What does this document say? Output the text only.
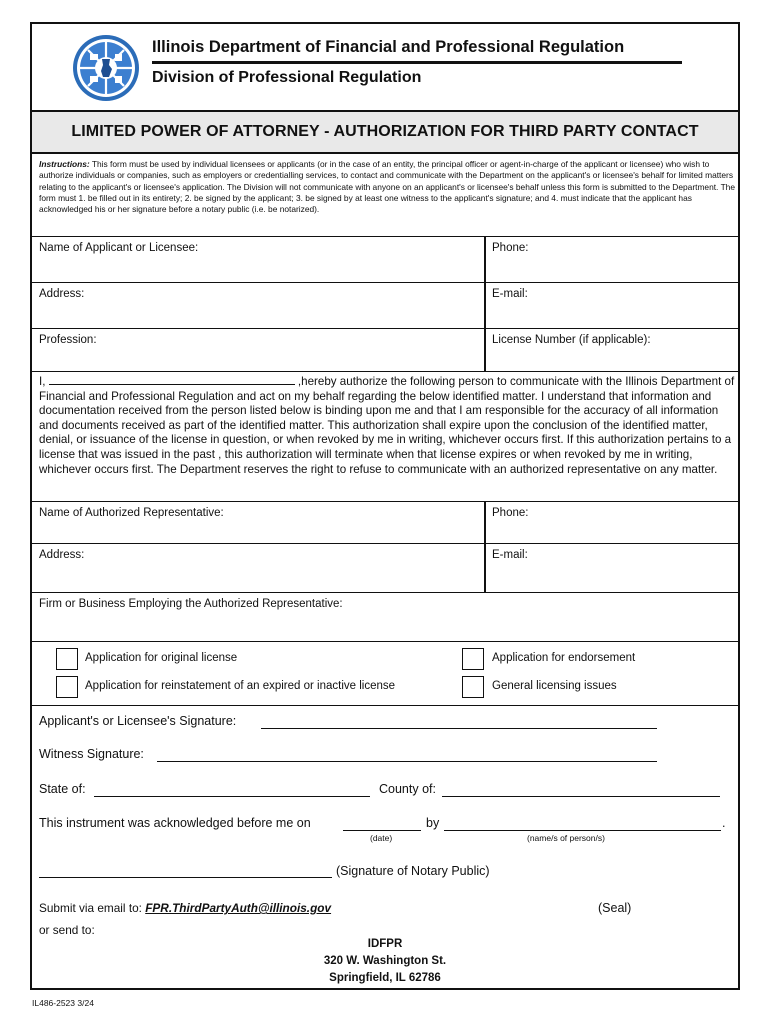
Illinois Department of Financial and Professional Regulation
Division of Professional Regulation
LIMITED POWER OF ATTORNEY - AUTHORIZATION FOR THIRD PARTY CONTACT
Instructions: This form must be used by individual licensees or applicants (or in the case of an entity, the principal officer or agent-in-charge of the applicant or licensee) who wish to authorize individuals or companies, such as employers or credentialling services, to contact and communicate with the Department on the applicant's or licensee's behalf for limited matters relating to the applicant's or licensee's application. The Division will not communicate with anyone on an applicant's or licensee's behalf unless this form is submitted to the Department. The form must 1. be filled out in its entirety; 2. be signed by the applicant; 3. be signed by at least one witness to the applicant's signature; and 4. must indicate that the applicant has acknowledged his or her signature before a notary public (i.e. be notarized).
Name of Applicant or Licensee:	Phone:
Address:	E-mail:
Profession:	License Number (if applicable):
I,	,hereby authorize the following person to communicate with the Illinois Department of Financial and Professional Regulation and act on my behalf regarding the below identified matter. I understand that information and documentation received from the person listed below is binding upon me and that I am responsible for the accuracy of all information and documents received as part of the identified matter. This authorization shall expire upon the conclusion of the identified matter, denial, or issuance of the license in question, or when revoked by me in writing, whichever occurs first. If this authorization pertains to a license that was issued in the past , this authorization will terminate when that license expires or when revoked by me in writing, whichever occurs first. The Department reserves the right to refuse to communicate with an authorized representative on any matter.
Name of Authorized Representative:	Phone:
Address:	E-mail:
Firm or Business Employing the Authorized Representative:
Application for original license
Application for reinstatement of an expired or inactive license
Application for endorsement
General licensing issues
Applicant's or Licensee's Signature:
Witness Signature:
State of:	County of:
This instrument was acknowledged before me on	by	.
(date)	(name/s of person/s)
(Signature of Notary Public)
Submit via email to: FPR.ThirdPartyAuth@illinois.gov	(Seal)
or send to:
IDFPR
320 W. Washington St.
Springfield, IL 62786
IL486-2523 3/24
